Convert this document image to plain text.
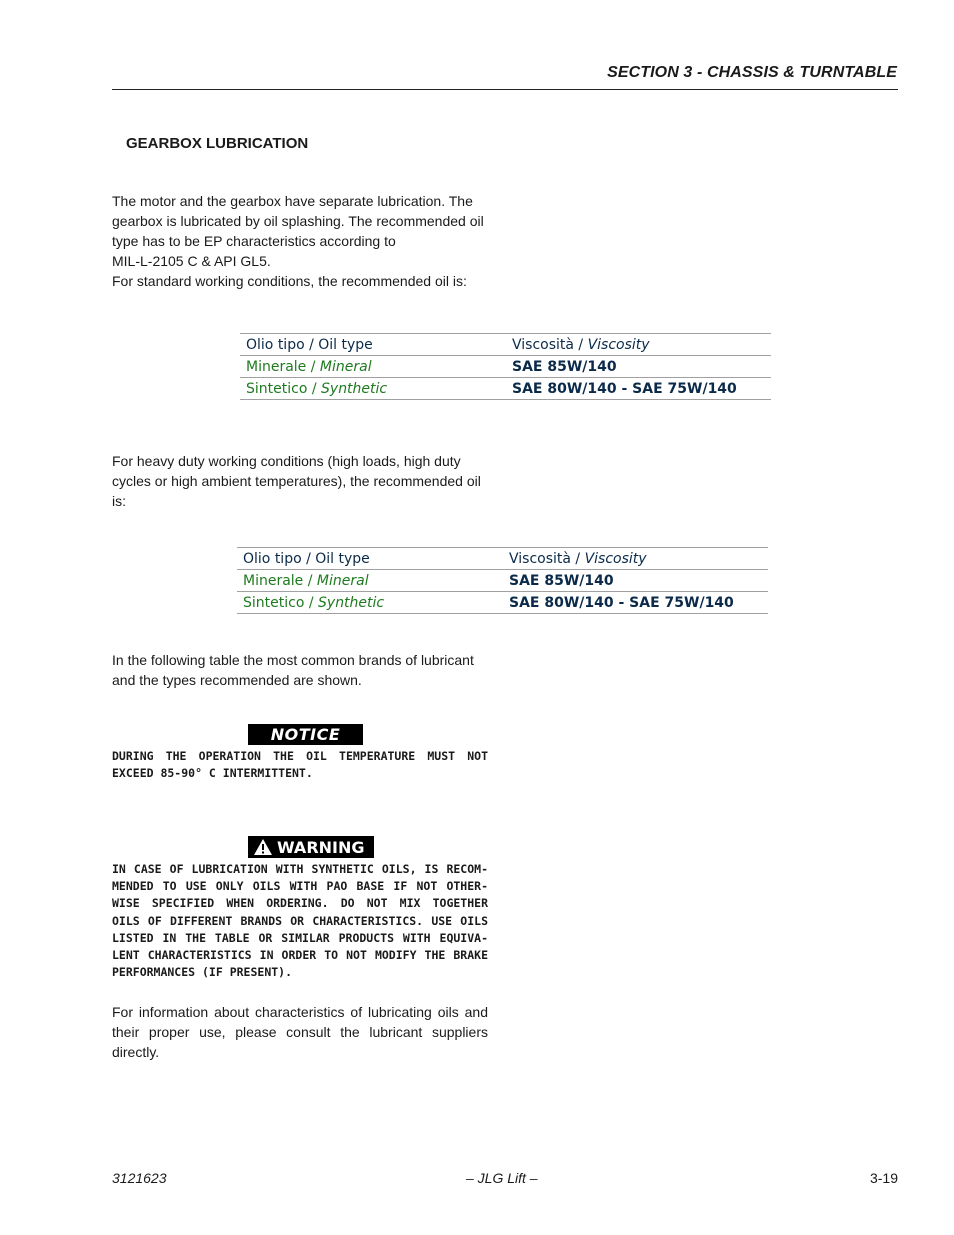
SECTION 3 - CHASSIS & TURNTABLE
GEARBOX LUBRICATION

The motor and the gearbox have separate lubrication. The
gearbox is lubricated by oil splashing. The recommended oil
type has to be EP characteristics according to
MIL-L-2105 C & API GL5.
For standard working conditions, the recommended oil is:

Olio tipo / Oil type	Viscosità / Viscosity
Minerale / Mineral	SAE 85W/140
Sintetico / Synthetic	SAE 80W/140 - SAE 75W/140

For heavy duty working conditions (high loads, high duty
cycles or high ambient temperatures), the recommended oil
is:

Olio tipo / Oil type	Viscosità / Viscosity
Minerale / Mineral	SAE 85W/140
Sintetico / Synthetic	SAE 80W/140 - SAE 75W/140

In the following table the most common brands of lubricant
and the types recommended are shown.

NOTICE

DURING THE OPERATION THE OIL TEMPERATURE MUST NOT
EXCEED 85-90° C INTERMITTENT.

WARNING

IN CASE OF LUBRICATION WITH SYNTHETIC OILS, IS RECOM-
MENDED TO USE ONLY OILS WITH PAO BASE IF NOT OTHER-
WISE SPECIFIED WHEN ORDERING. DO NOT MIX TOGETHER
OILS OF DIFFERENT BRANDS OR CHARACTERISTICS. USE OILS
LISTED IN THE TABLE OR SIMILAR PRODUCTS WITH EQUIVA-
LENT CHARACTERISTICS IN ORDER TO NOT MODIFY THE BRAKE
PERFORMANCES (IF PRESENT).

For information about characteristics of lubricating oils and
their proper use, please consult the lubricant suppliers
directly.

3121623	– JLG Lift –	3-19
